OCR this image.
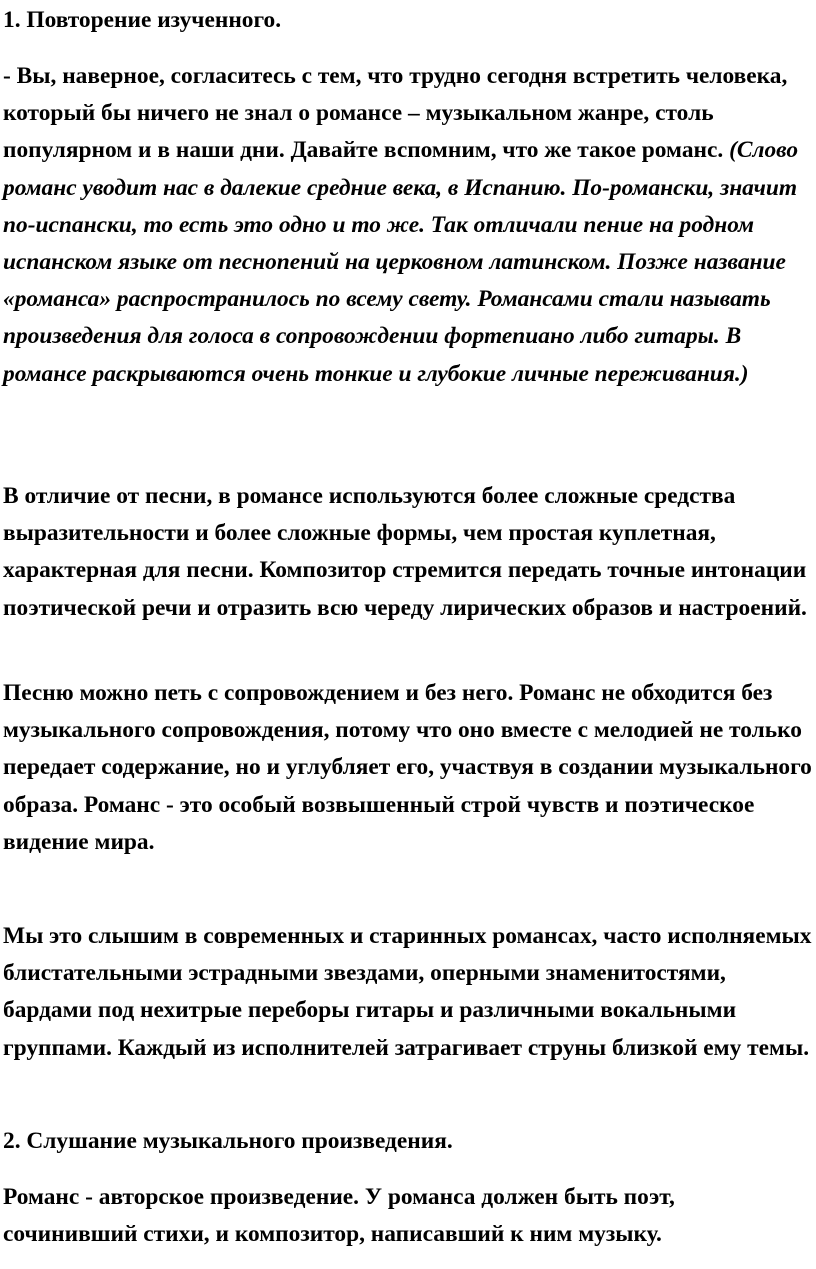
1. Повторение изученного.

- Вы, наверное, согласитесь с тем, что трудно сегодня встретить человека, который бы ничего не знал о романсе – музыкальном жанре, столь популярном и в наши дни. Давайте вспомним, что же такое романс. (Слово романс уводит нас в далекие средние века, в Испанию. По-романски, значит по-испански, то есть это одно и то же. Так отличали пение на родном испанском языке от песнопений на церковном латинском. Позже название «романса» распространилось по всему свету. Романсами стали называть произведения для голоса в сопровождении фортепиано либо гитары. В романсе раскрываются очень тонкие и глубокие личные переживания.)

В отличие от песни, в романсе используются более сложные средства выразительности и более сложные формы, чем простая куплетная, характерная для песни. Композитор стремится передать точные интонации поэтической речи и отразить всю череду лирических образов и настроений.

Песню можно петь с сопровождением и без него. Романс не обходится без музыкального сопровождения, потому что оно вместе с мелодией не только передает содержание, но и углубляет его, участвуя в создании музыкального образа. Романс - это особый возвышенный строй чувств и поэтическое видение мира.

Мы это слышим в современных и старинных романсах, часто исполняемых блистательными эстрадными звездами, оперными знаменитостями, бардами под нехитрые переборы гитары и различными вокальными группами. Каждый из исполнителей затрагивает струны близкой ему темы.

2. Слушание музыкального произведения.

Романс - авторское произведение. У романса должен быть поэт, сочинивший стихи, и композитор, написавший к ним музыку.
